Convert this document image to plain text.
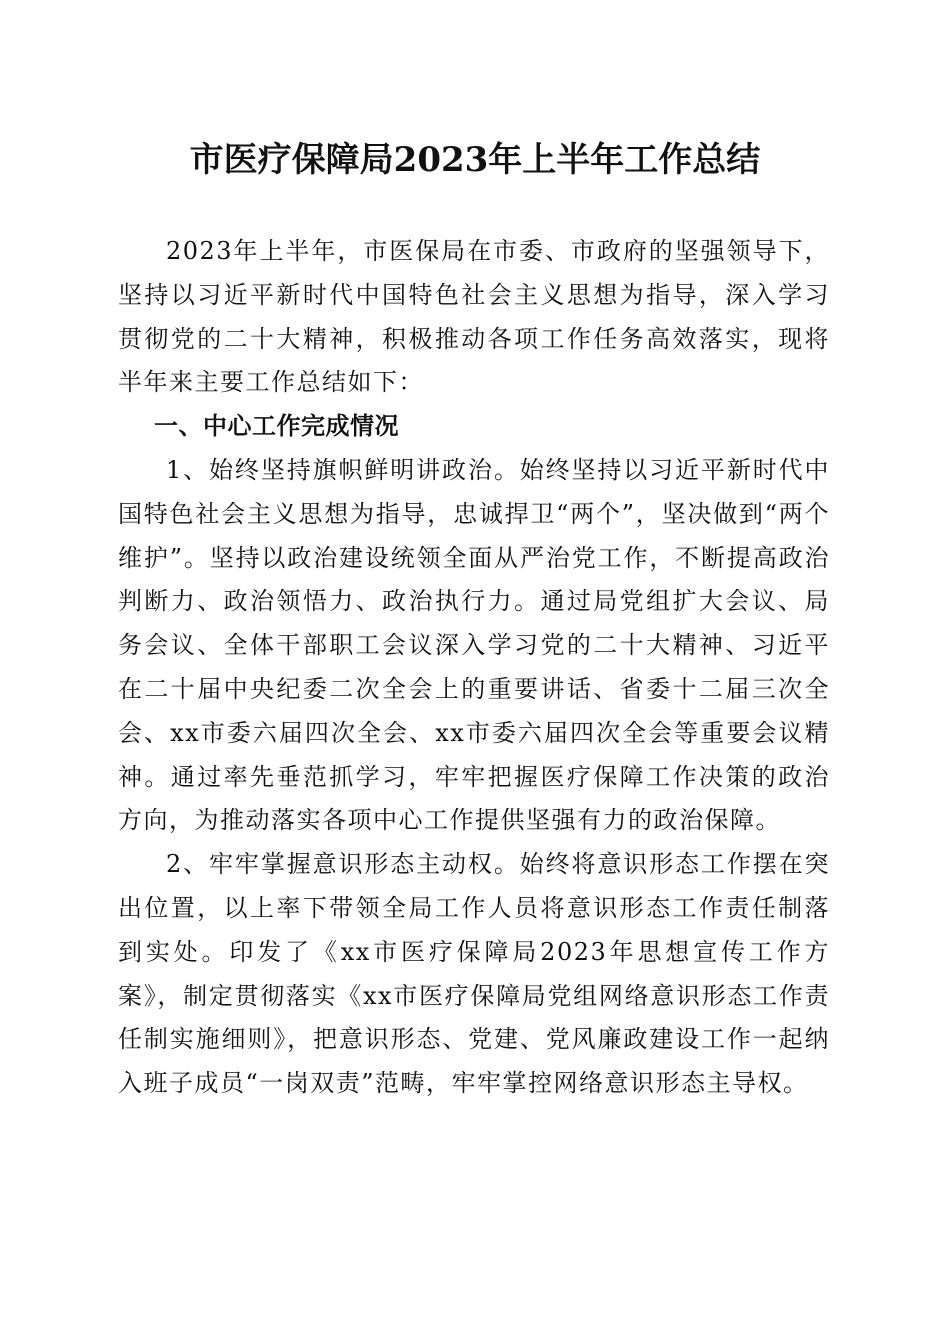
市医疗保障局2023年上半年工作总结

2023年上半年，市医保局在市委、市政府的坚强领导下，坚持以习近平新时代中国特色社会主义思想为指导，深入学习贯彻党的二十大精神，积极推动各项工作任务高效落实，现将半年来主要工作总结如下：

一、中心工作完成情况

1、始终坚持旗帜鲜明讲政治。始终坚持以习近平新时代中国特色社会主义思想为指导，忠诚捍卫“两个”，坚决做到“两个维护”。坚持以政治建设统领全面从严治党工作，不断提高政治判断力、政治领悟力、政治执行力。通过局党组扩大会议、局务会议、全体干部职工会议深入学习党的二十大精神、习近平在二十届中央纪委二次全会上的重要讲话、省委十二届三次全会、xx市委六届四次全会、xx市委六届四次全会等重要会议精神。通过率先垂范抓学习，牢牢把握医疗保障工作决策的政治方向，为推动落实各项中心工作提供坚强有力的政治保障。

2、牢牢掌握意识形态主动权。始终将意识形态工作摆在突出位置，以上率下带领全局工作人员将意识形态工作责任制落到实处。印发了《xx市医疗保障局2023年思想宣传工作方案》，制定贯彻落实《xx市医疗保障局党组网络意识形态工作责任制实施细则》，把意识形态、党建、党风廉政建设工作一起纳入班子成员“一岗双责”范畴，牢牢掌控网络意识形态主导权。
